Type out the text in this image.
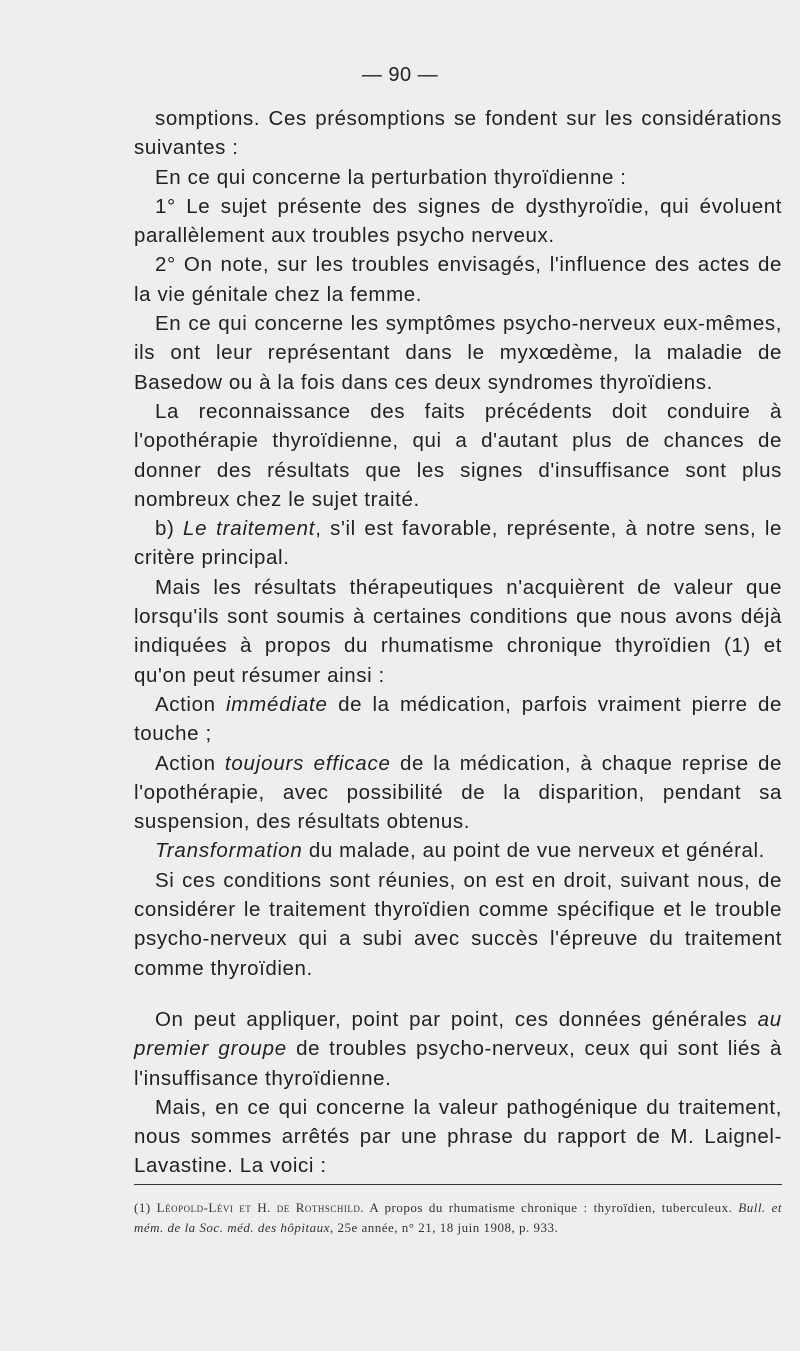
— 90 —

somptions. Ces présomptions se fondent sur les considérations suivantes :

En ce qui concerne la perturbation thyroïdienne :

1° Le sujet présente des signes de dysthyroïdie, qui évoluent parallèlement aux troubles psycho nerveux.

2° On note, sur les troubles envisagés, l'influence des actes de la vie génitale chez la femme.

En ce qui concerne les symptômes psycho-nerveux eux-mêmes, ils ont leur représentant dans le myxœdème, la maladie de Basedow ou à la fois dans ces deux syndromes thyroïdiens.

La reconnaissance des faits précédents doit conduire à l'opothérapie thyroïdienne, qui a d'autant plus de chances de donner des résultats que les signes d'insuffisance sont plus nombreux chez le sujet traité.

b) Le traitement, s'il est favorable, représente, à notre sens, le critère principal.

Mais les résultats thérapeutiques n'acquièrent de valeur que lorsqu'ils sont soumis à certaines conditions que nous avons déjà indiquées à propos du rhumatisme chronique thyroïdien (1) et qu'on peut résumer ainsi :

Action immédiate de la médication, parfois vraiment pierre de touche ;

Action toujours efficace de la médication, à chaque reprise de l'opothérapie, avec possibilité de la disparition, pendant sa suspension, des résultats obtenus.

Transformation du malade, au point de vue nerveux et général.

Si ces conditions sont réunies, on est en droit, suivant nous, de considérer le traitement thyroïdien comme spécifique et le trouble psycho-nerveux qui a subi avec succès l'épreuve du traitement comme thyroïdien.

On peut appliquer, point par point, ces données générales au premier groupe de troubles psycho-nerveux, ceux qui sont liés à l'insuffisance thyroïdienne.

Mais, en ce qui concerne la valeur pathogénique du traitement, nous sommes arrêtés par une phrase du rapport de M. Laignel-Lavastine. La voici :

(1) Léopold-Lévi et H. de Rothschild. A propos du rhumatisme chronique : thyroïdien, tuberculeux. Bull. et mém. de la Soc. méd. des hôpitaux, 25e année, n° 21, 18 juin 1908, p. 933.
